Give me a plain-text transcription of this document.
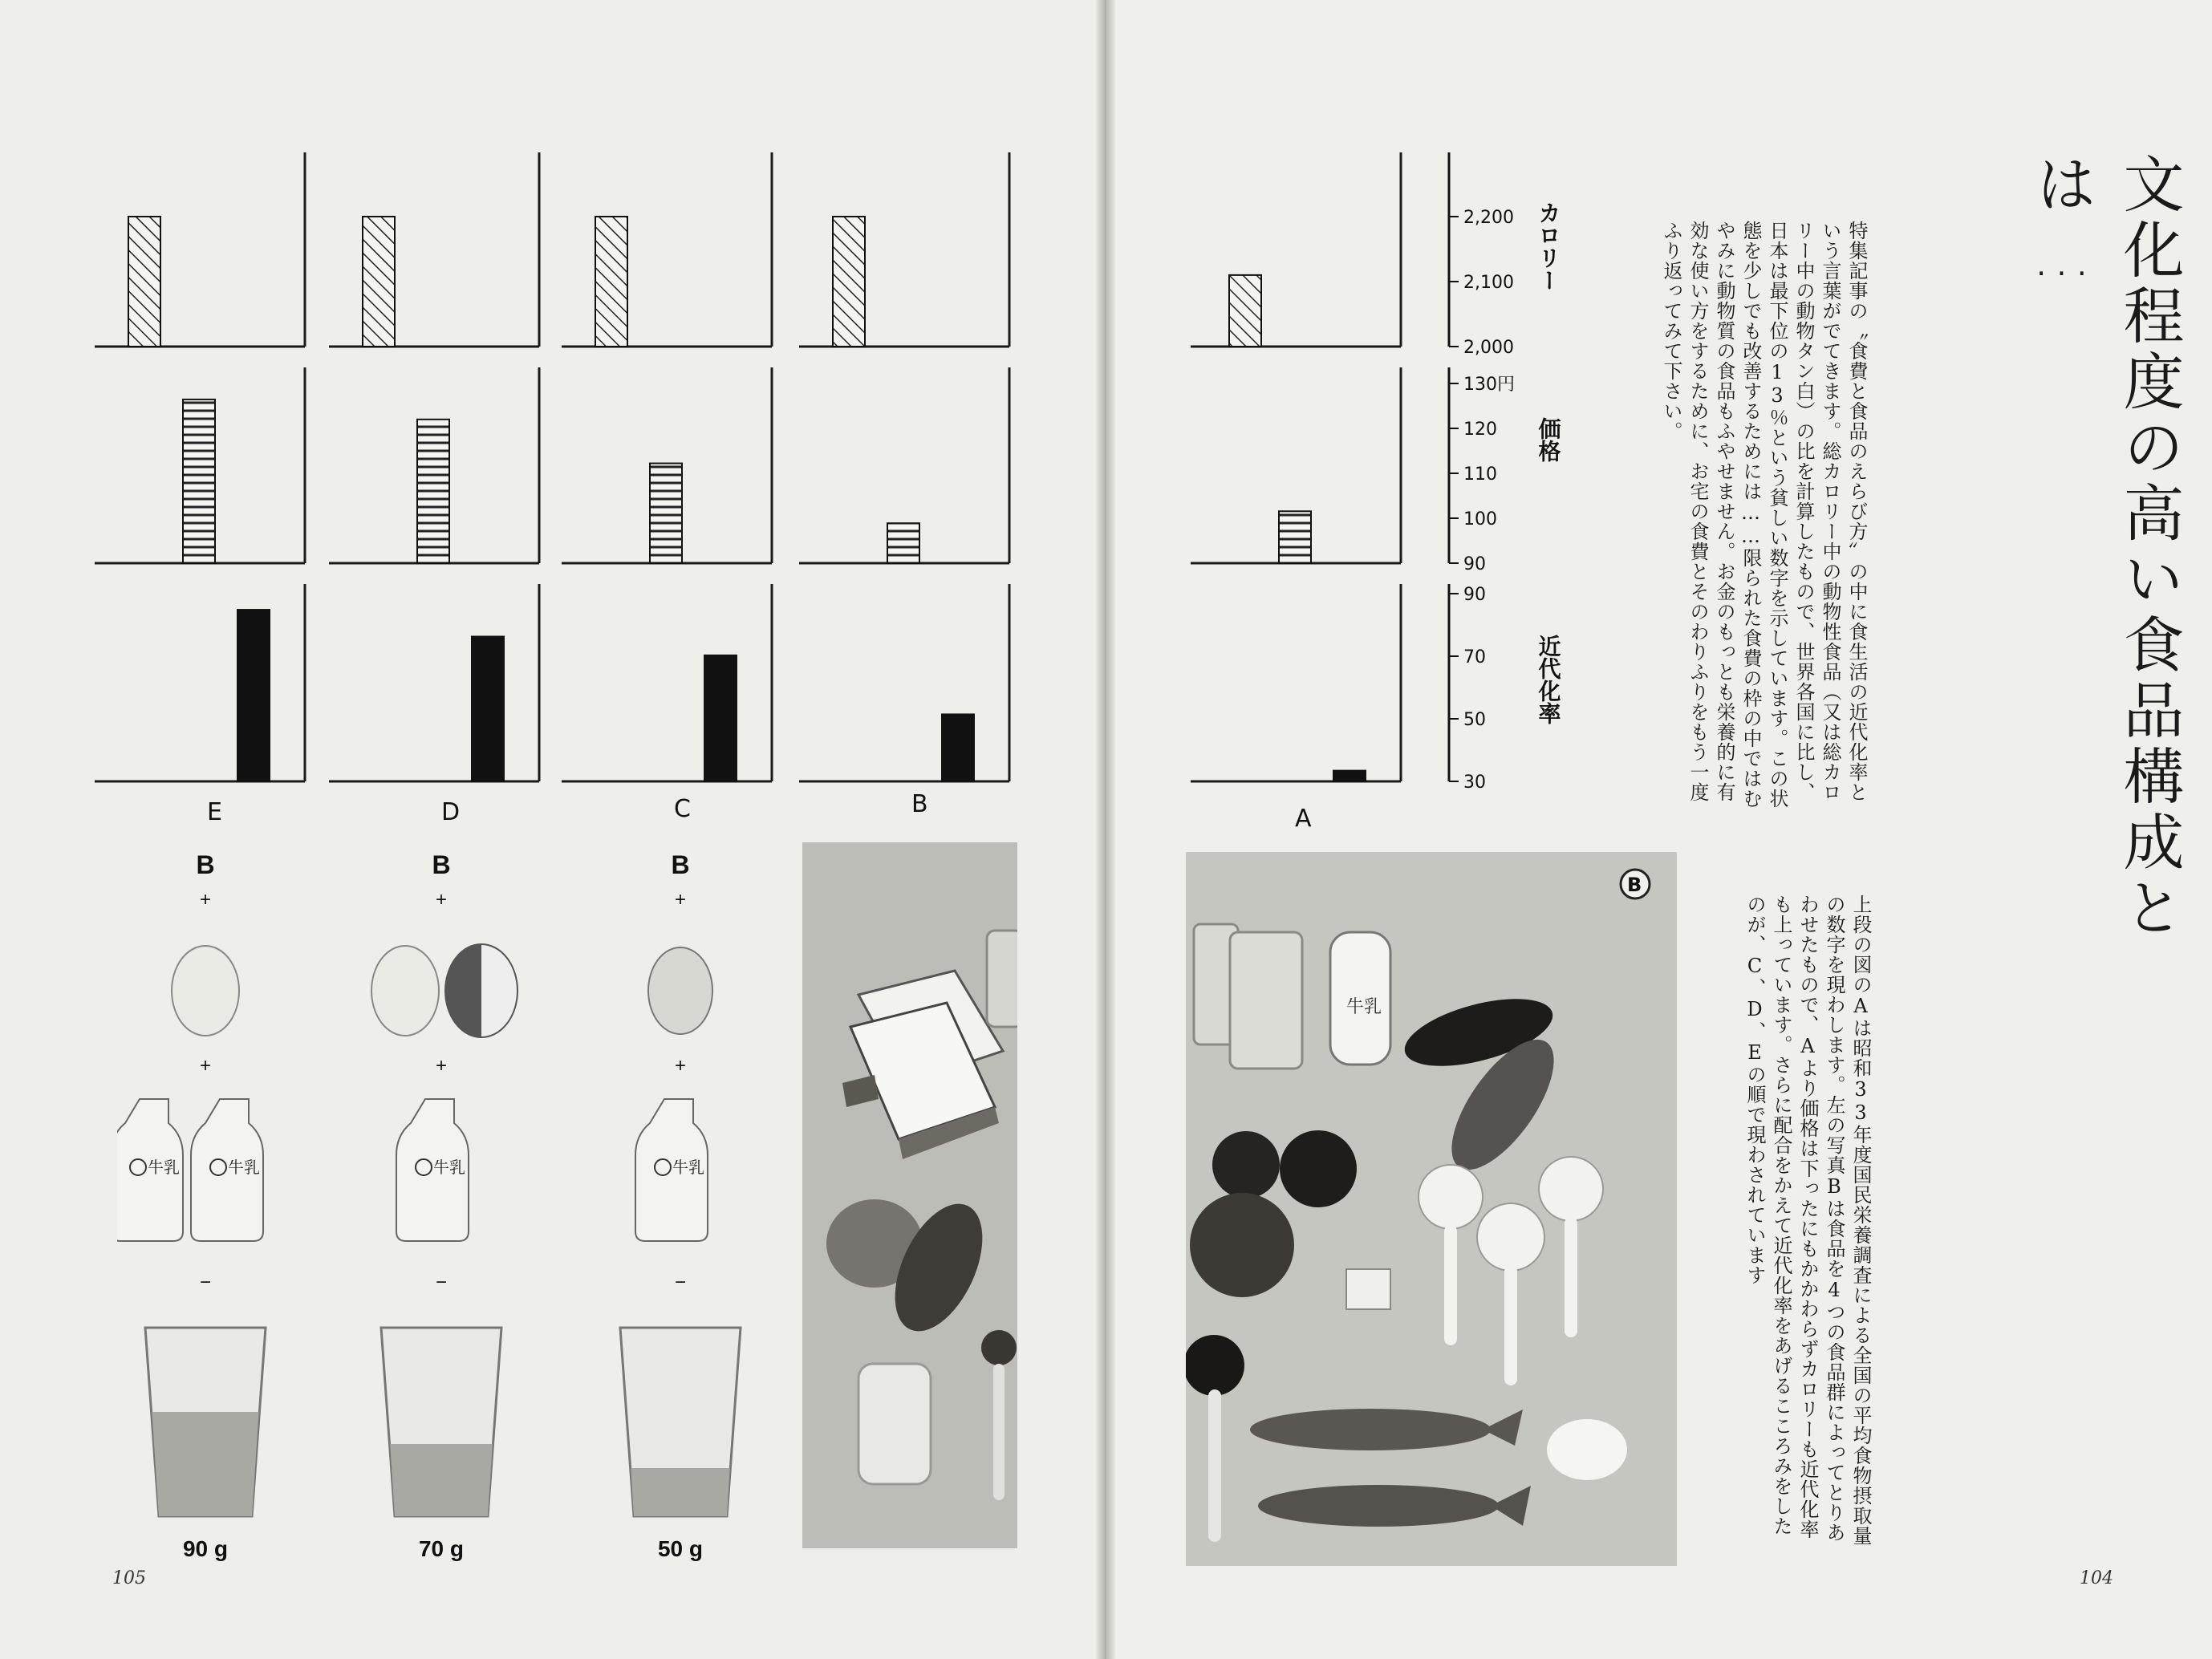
2,200
2,100
2,000
カロリー
130円
120
110
100
90
価格
90
70
50
30
近代化率
E	D	C	B
A
B
+
+
牛乳	牛乳
−
90 g
B
+
+
牛乳
−
70 g
B
+
+
牛乳
−
50 g
文化程度の高い食品構成とは…
特集記事の〝食費と食品のえらび方〟の中に食生活の近代化率という言葉がでてきます。総カロリー中の動物性食品（又は総カロリー中の動物タン白）の比を計算したもので、世界各国に比し、日本は最下位の13％という貧しい数字を示しています。この状態を少しでも改善するためには……限られた食費の枠の中ではむやみに動物質の食品もふやせません。お金のもっとも栄養的に有効な使い方をするために、お宅の食費とそのわりふりをもう一度ふり返ってみて下さい。
上段の図のAは昭和33年度国民栄養調査による全国の平均食物摂取量の数字を現わします。左の写真Bは食品を4つの食品群によってとりあわせたもので、Aより価格は下ったにもかかわらずカロリーも近代化率も上っています。さらに配合をかえて近代化率をあげるこころみをしたのが、C、D、Eの順で現わされています
105	104
牛乳
B
